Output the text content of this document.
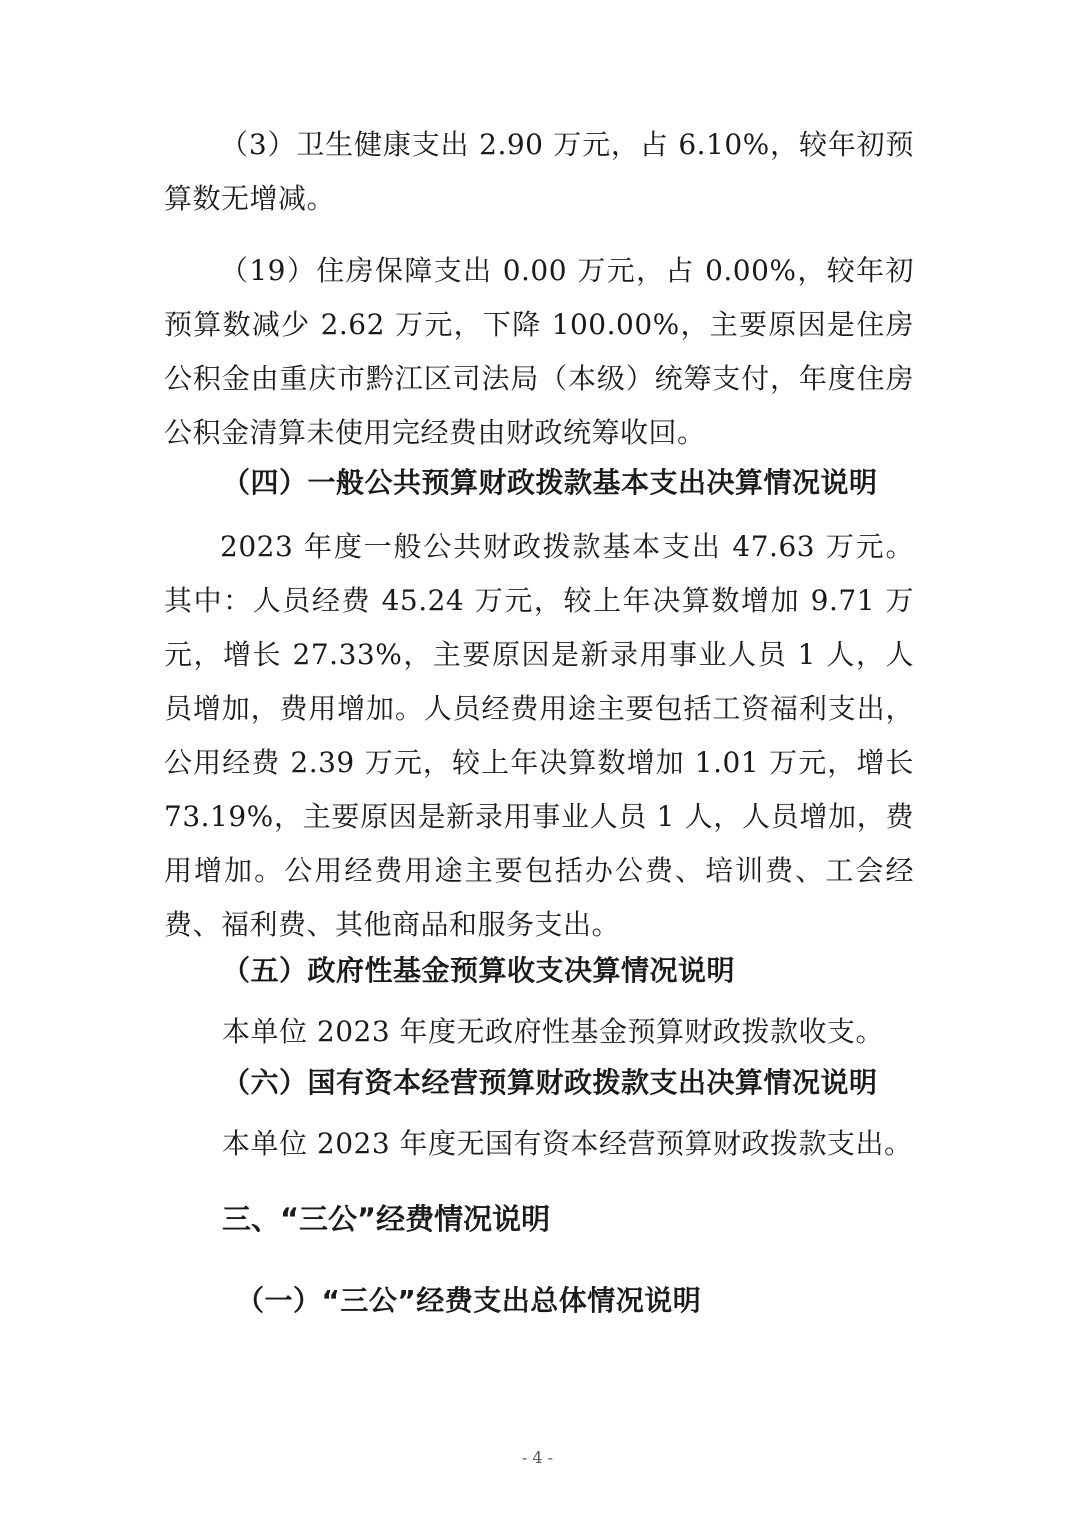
（3）卫生健康支出 2.90 万元，占 6.10%，较年初预算数无增减。

（19）住房保障支出 0.00 万元，占 0.00%，较年初预算数减少 2.62 万元，下降 100.00%，主要原因是住房公积金由重庆市黔江区司法局（本级）统筹支付，年度住房公积金清算未使用完经费由财政统筹收回。

（四）一般公共预算财政拨款基本支出决算情况说明

2023 年度一般公共财政拨款基本支出 47.63 万元。其中：人员经费 45.24 万元，较上年决算数增加 9.71 万元，增长 27.33%，主要原因是新录用事业人员 1 人，人员增加，费用增加。人员经费用途主要包括工资福利支出，公用经费 2.39 万元，较上年决算数增加 1.01 万元，增长 73.19%，主要原因是新录用事业人员 1 人，人员增加，费用增加。公用经费用途主要包括办公费、培训费、工会经费、福利费、其他商品和服务支出。

（五）政府性基金预算收支决算情况说明

本单位 2023 年度无政府性基金预算财政拨款收支。

（六）国有资本经营预算财政拨款支出决算情况说明

本单位 2023 年度无国有资本经营预算财政拨款支出。

三、“三公”经费情况说明
（一）“三公”经费支出总体情况说明
- 4 -
